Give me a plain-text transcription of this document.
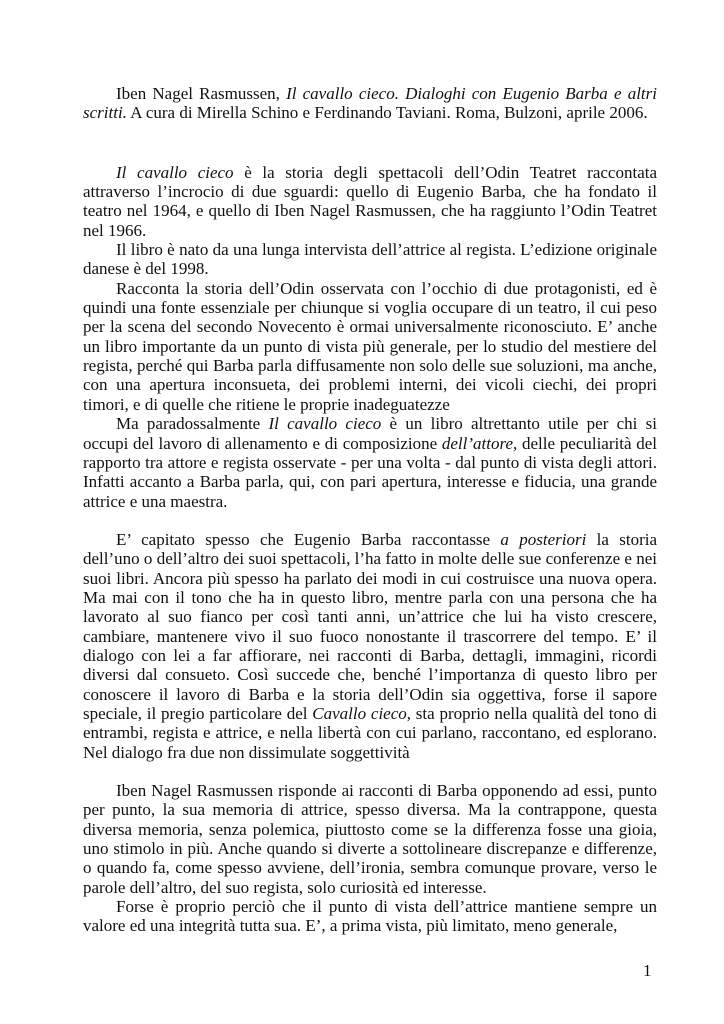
Iben Nagel Rasmussen, Il cavallo cieco. Dialoghi con Eugenio Barba e altri scritti. A cura di Mirella Schino e Ferdinando Taviani. Roma, Bulzoni, aprile 2006.

Il cavallo cieco è la storia degli spettacoli dell’Odin Teatret raccontata attraverso l’incrocio di due sguardi: quello di Eugenio Barba, che ha fondato il teatro nel 1964, e quello di Iben Nagel Rasmussen, che ha raggiunto l’Odin Teatret nel 1966.

Il libro è nato da una lunga intervista dell’attrice al regista. L’edizione originale danese è del 1998.

Racconta la storia dell’Odin osservata con l’occhio di due protagonisti, ed è quindi una fonte essenziale per chiunque si voglia occupare di un teatro, il cui peso per la scena del secondo Novecento è ormai universalmente riconosciuto. E’ anche un libro importante da un punto di vista più generale, per lo studio del mestiere del regista, perché qui Barba parla diffusamente non solo delle sue soluzioni, ma anche, con una apertura inconsueta, dei problemi interni, dei vicoli ciechi, dei propri timori, e di quelle che ritiene le proprie inadeguatezze

Ma paradossalmente Il cavallo cieco è un libro altrettanto utile per chi si occupi del lavoro di allenamento e di composizione dell’attore, delle peculiarità del rapporto tra attore e regista osservate - per una volta - dal punto di vista degli attori. Infatti accanto a Barba parla, qui, con pari apertura, interesse e fiducia, una grande attrice e una maestra.

E’ capitato spesso che Eugenio Barba raccontasse a posteriori la storia dell’uno o dell’altro dei suoi spettacoli, l’ha fatto in molte delle sue conferenze e nei suoi libri. Ancora più spesso ha parlato dei modi in cui costruisce una nuova opera. Ma mai con il tono che ha in questo libro, mentre parla con una persona che ha lavorato al suo fianco per così tanti anni, un’attrice che lui ha visto crescere, cambiare, mantenere vivo il suo fuoco nonostante il trascorrere del tempo. E’ il dialogo con lei a far affiorare, nei racconti di Barba, dettagli, immagini, ricordi diversi dal consueto. Così succede che, benché l’importanza di questo libro per conoscere il lavoro di Barba e la storia dell’Odin sia oggettiva, forse il sapore speciale, il pregio particolare del Cavallo cieco, sta proprio nella qualità del tono di entrambi, regista e attrice, e nella libertà con cui parlano, raccontano, ed esplorano. Nel dialogo fra due non dissimulate soggettività

Iben Nagel Rasmussen risponde ai racconti di Barba opponendo ad essi, punto per punto, la sua memoria di attrice, spesso diversa. Ma la contrappone, questa diversa memoria, senza polemica, piuttosto come se la differenza fosse una gioia, uno stimolo in più. Anche quando si diverte a sottolineare discrepanze e differenze, o quando fa, come spesso avviene, dell’ironia, sembra comunque provare, verso le parole dell’altro, del suo regista, solo curiosità ed interesse.

Forse è proprio perciò che il punto di vista dell’attrice mantiene sempre un valore ed una integrità tutta sua. E’, a prima vista, più limitato, meno generale,

1
